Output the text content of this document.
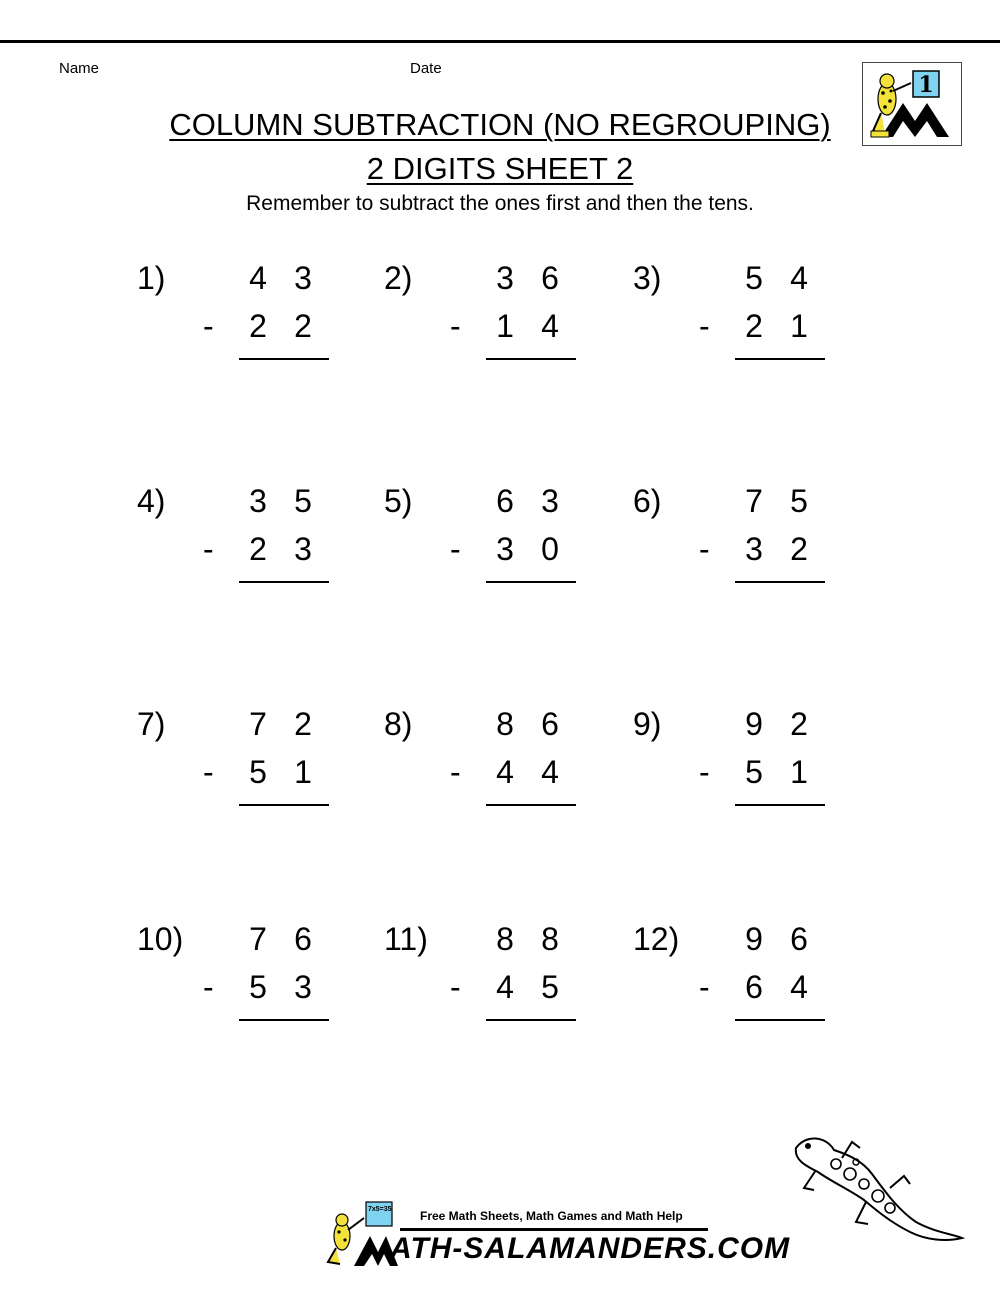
Name	Date
1
COLUMN SUBTRACTION (NO REGROUPING)
2 DIGITS SHEET 2
Remember to subtract the ones first and then the tens.
1)	4 3
2 2
-
2)	3 6
1 4
-
3)	5 4
2 1
-
4)	3 5
2 3
-
5)	6 3
3 0
-
6)	7 5
3 2
-
7)	7 2
5 1
-
8)	8 6
4 4
-
9)	9 2
5 1
-
10) 7 6
5 3
-
11) 8 8
4 5
-
12) 9 6
6 4
-
7x5=35 Free Math Sheets, Math Games and Math Help
ATH-SALAMANDERS.COM
